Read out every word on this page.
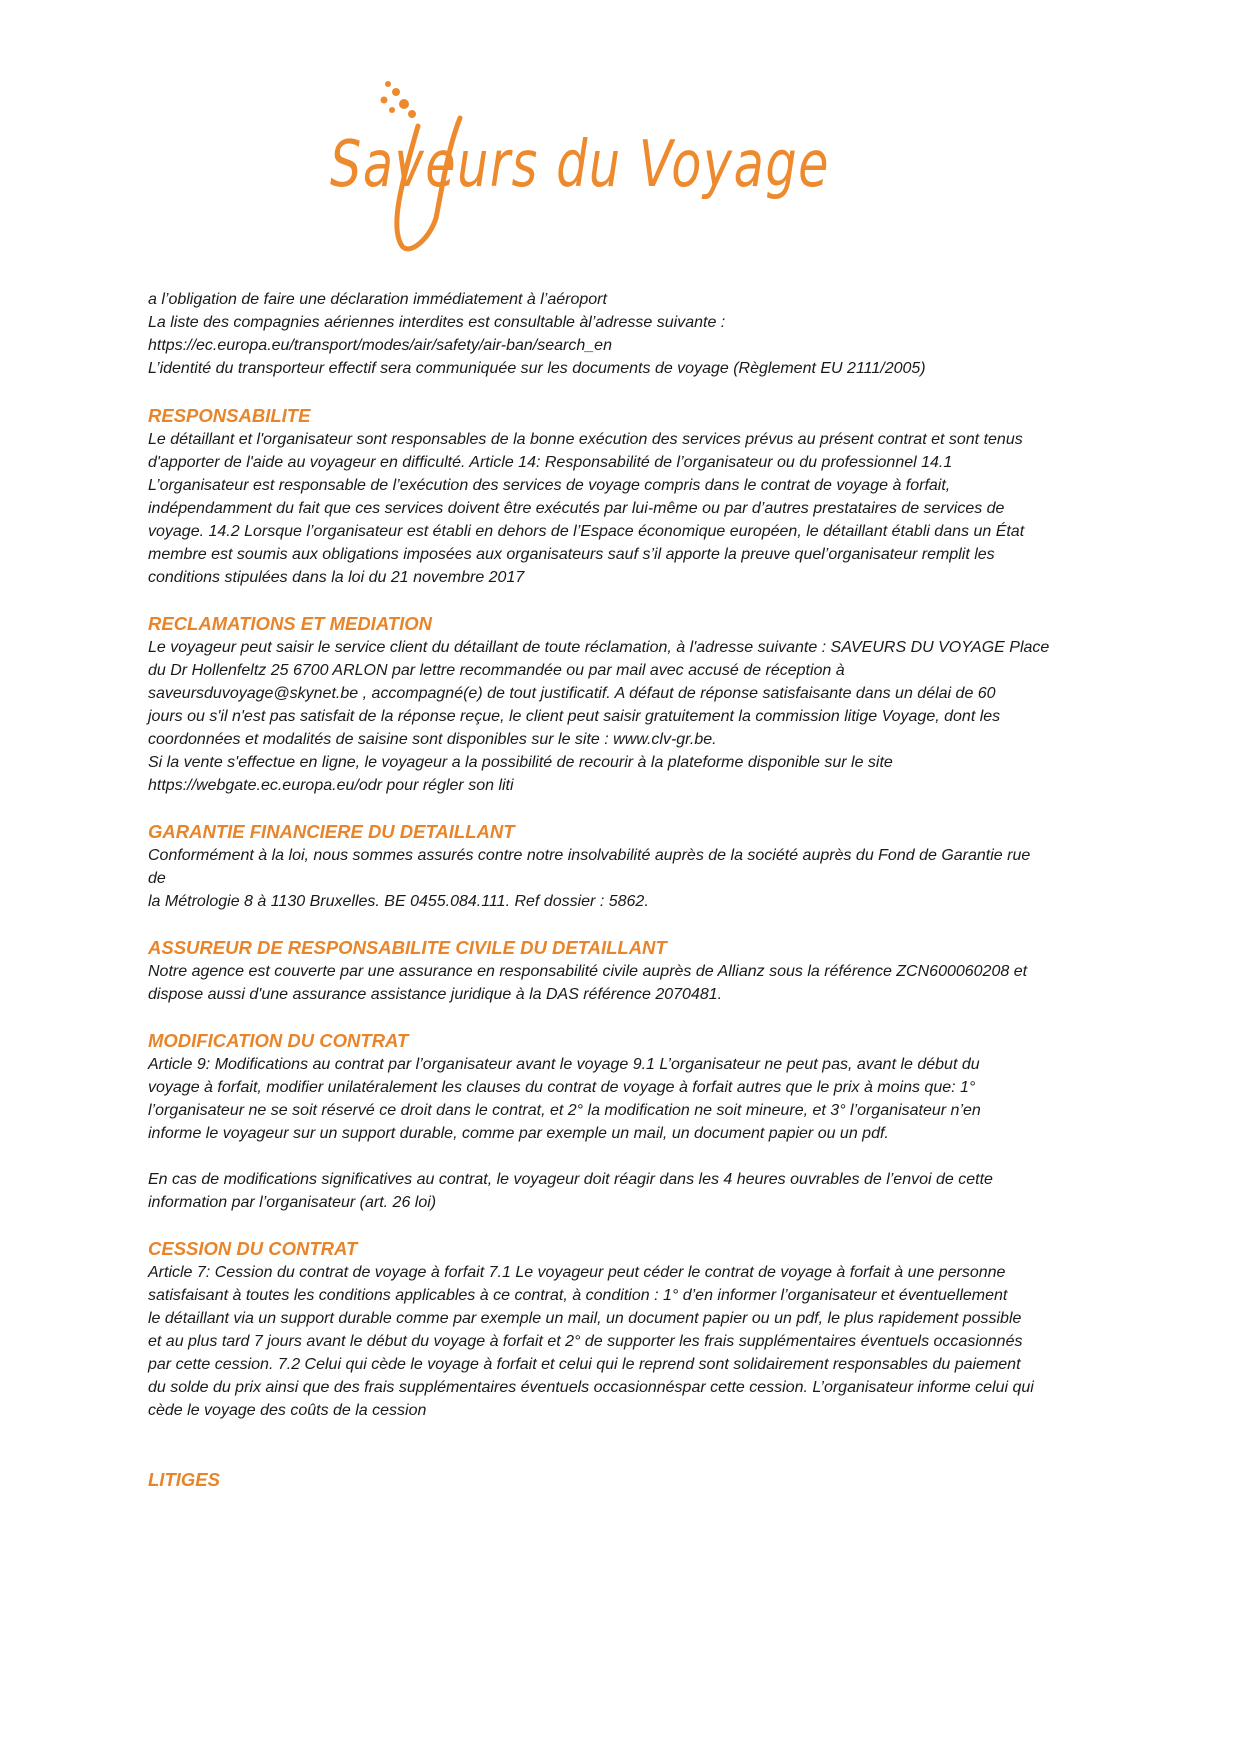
Saveurs du Voyage

a l’obligation de faire une déclaration immédiatement à l’aéroport

La liste des compagnies aériennes interdites est consultable àl’adresse suivante :

https://ec.europa.eu/transport/modes/air/safety/air-ban/search_en

L’identité du transporteur effectif sera communiquée sur les documents de voyage (Règlement EU 2111/2005)

RESPONSABILITE

Le détaillant et l'organisateur sont responsables de la bonne exécution des services prévus au présent contrat et sont tenus

d'apporter de l'aide au voyageur en difficulté. Article 14: Responsabilité de l’organisateur ou du professionnel 14.1

L’organisateur est responsable de l’exécution des services de voyage compris dans le contrat de voyage à forfait,

indépendamment du fait que ces services doivent être exécutés par lui-même ou par d’autres prestataires de services de

voyage. 14.2 Lorsque l’organisateur est établi en dehors de l’Espace économique européen, le détaillant établi dans un État

membre est soumis aux obligations imposées aux organisateurs sauf s’il apporte la preuve quel’organisateur remplit les

conditions stipulées dans la loi du 21 novembre 2017

RECLAMATIONS ET MEDIATION

Le voyageur peut saisir le service client du détaillant de toute réclamation, à l'adresse suivante : SAVEURS DU VOYAGE Place

du Dr Hollenfeltz 25 6700 ARLON par lettre recommandée ou par mail avec accusé de réception à

saveursduvoyage@skynet.be , accompagné(e) de tout justificatif. A défaut de réponse satisfaisante dans un délai de 60

jours ou s'il n'est pas satisfait de la réponse reçue, le client peut saisir gratuitement la commission litige Voyage, dont les

coordonnées et modalités de saisine sont disponibles sur le site : www.clv-gr.be.

Si la vente s'effectue en ligne, le voyageur a la possibilité de recourir à la plateforme disponible sur le site

https://webgate.ec.europa.eu/odr pour régler son liti

GARANTIE FINANCIERE DU DETAILLANT

Conformément à la loi, nous sommes assurés contre notre insolvabilité auprès de la société auprès du Fond de Garantie rue

de

la Métrologie 8 à 1130 Bruxelles. BE 0455.084.111. Ref dossier : 5862.

ASSUREUR DE RESPONSABILITE CIVILE DU DETAILLANT

Notre agence est couverte par une assurance en responsabilité civile auprès de Allianz sous la référence ZCN600060208 et

dispose aussi d'une assurance assistance juridique à la DAS référence 2070481.

MODIFICATION DU CONTRAT

Article 9: Modifications au contrat par l’organisateur avant le voyage 9.1 L’organisateur ne peut pas, avant le début du

voyage à forfait, modifier unilatéralement les clauses du contrat de voyage à forfait autres que le prix à moins que: 1°

l’organisateur ne se soit réservé ce droit dans le contrat, et 2° la modification ne soit mineure, et 3° l’organisateur n’en

informe le voyageur sur un support durable, comme par exemple un mail, un document papier ou un pdf.

En cas de modifications significatives au contrat, le voyageur doit réagir dans les 4 heures ouvrables de l’envoi de cette

information par l’organisateur (art. 26 loi)

CESSION DU CONTRAT

Article 7: Cession du contrat de voyage à forfait 7.1 Le voyageur peut céder le contrat de voyage à forfait à une personne

satisfaisant à toutes les conditions applicables à ce contrat, à condition : 1° d’en informer l’organisateur et éventuellement

le détaillant via un support durable comme par exemple un mail, un document papier ou un pdf, le plus rapidement possible

et au plus tard 7 jours avant le début du voyage à forfait et 2° de supporter les frais supplémentaires éventuels occasionnés

par cette cession. 7.2 Celui qui cède le voyage à forfait et celui qui le reprend sont solidairement responsables du paiement

du solde du prix ainsi que des frais supplémentaires éventuels occasionnéspar cette cession. L’organisateur informe celui qui

cède le voyage des coûts de la cession

LITIGES
